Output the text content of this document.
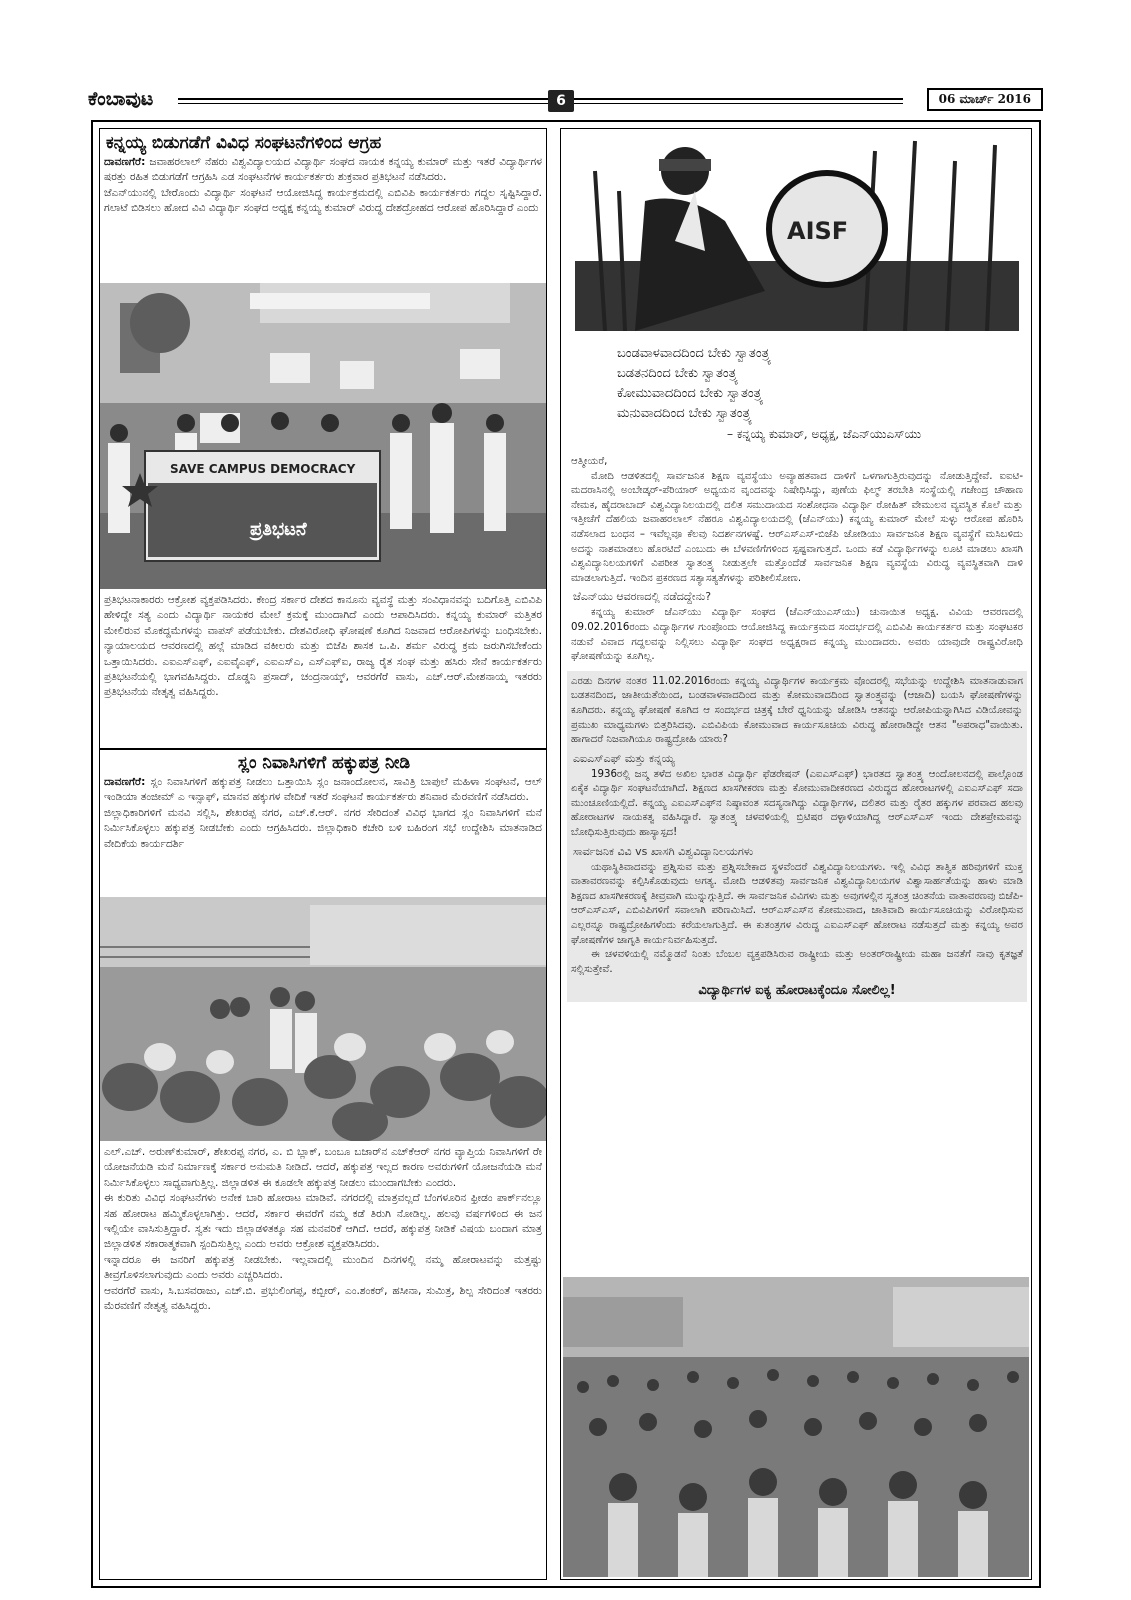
ಕೆಂಬಾವುಟ	6	06 ಮಾರ್ಚ್ 2016
ಕನ್ನಯ್ಯ ಬಿಡುಗಡೆಗೆ ವಿವಿಧ ಸಂಘಟನೆಗಳಿಂದ ಆಗ್ರಹ

ದಾವಣಗೆರೆ: ಜವಾಹರಲಾಲ್ ನೆಹರು ವಿಶ್ವವಿದ್ಯಾಲಯದ ವಿದ್ಯಾರ್ಥಿ ಸಂಘದ ನಾಯಕ ಕನ್ನಯ್ಯ ಕುಮಾರ್ ಮತ್ತು ಇತರೆ ವಿದ್ಯಾರ್ಥಿಗಳ ಷರತ್ತು ರಹಿತ ಬಿಡುಗಡೆಗೆ ಆಗ್ರಹಿಸಿ ಎಡ ಸಂಘಟನೆಗಳ ಕಾರ್ಯಕರ್ತರು ಶುಕ್ರವಾರ ಪ್ರತಿಭಟನೆ ನಡೆಸಿದರು.

ಜೆಎನ್‌ಯುನಲ್ಲಿ ಬೇರೊಂದು ವಿದ್ಯಾರ್ಥಿ ಸಂಘಟನೆ ಆಯೋಜಿಸಿದ್ದ ಕಾರ್ಯಕ್ರಮದಲ್ಲಿ ಎಬಿವಿಪಿ ಕಾರ್ಯಕರ್ತರು ಗದ್ದಲ ಸೃಷ್ಟಿಸಿದ್ದಾರೆ. ಗಲಾಟೆ ಬಿಡಿಸಲು ಹೋದ ವಿವಿ ವಿದ್ಯಾರ್ಥಿ ಸಂಘದ ಅಧ್ಯಕ್ಷ ಕನ್ನಯ್ಯ ಕುಮಾರ್ ವಿರುದ್ಧ ದೇಶದ್ರೋಹದ ಆರೋಪ ಹೊರಿಸಿದ್ದಾರೆ ಎಂದು

SAVE CAMPUS DEMOCRACY
ಪ್ರತಿಭಟನೆ

ಪ್ರತಿಭಟನಾಕಾರರು ಆಕ್ರೋಶ ವ್ಯಕ್ತಪಡಿಸಿದರು. ಕೇಂದ್ರ ಸರ್ಕಾರ ದೇಶದ ಕಾನೂನು ವ್ಯವಸ್ಥೆ ಮತ್ತು ಸಂವಿಧಾನವನ್ನು ಬದಿಗೊತ್ತಿ ಎಬಿವಿಪಿ ಹೇಳಿದ್ದೇ ಸತ್ಯ ಎಂದು ವಿದ್ಯಾರ್ಥಿ ನಾಯಕರ ಮೇಲೆ ಕ್ರಮಕ್ಕೆ ಮುಂದಾಗಿದೆ ಎಂದು ಆಪಾದಿಸಿದರು. ಕನ್ನಯ್ಯ ಕುಮಾರ್ ಮತ್ತಿತರ ಮೇಲಿರುವ ಮೊಕದ್ದಮೆಗಳನ್ನು ವಾಪಸ್ ಪಡೆಯಬೇಕು. ದೇಶವಿರೋಧಿ ಘೋಷಣೆ ಕೂಗಿದ ನಿಜವಾದ ಆರೋಪಿಗಳನ್ನು ಬಂಧಿಸಬೇಕು. ನ್ಯಾಯಾಲಯದ ಆವರಣದಲ್ಲಿ ಹಲ್ಲೆ ಮಾಡಿದ ವಕೀಲರು ಮತ್ತು ಬಿಜೆಪಿ ಶಾಸಕ ಒ.ಪಿ. ಶರ್ಮ ವಿರುದ್ಧ ಕ್ರಮ ಜರುಗಿಸಬೇಕೆಂದು ಒತ್ತಾಯಿಸಿದರು. ಎಐಎಸ್‌ಎಫ್, ಎಐವೈಎಫ್, ಎಐಎಸ್‌ಎ, ಎಸ್‌ಎಫ್‌ಐ, ರಾಜ್ಯ ರೈತ ಸಂಘ ಮತ್ತು ಹಸಿರು ಸೇನೆ ಕಾರ್ಯಕರ್ತರು ಪ್ರತಿಭಟನೆಯಲ್ಲಿ ಭಾಗವಹಿಸಿದ್ದರು. ದೊಡ್ಡನಿ ಪ್ರಸಾದ್, ಚಂದ್ರನಾಯ್ಕ್, ಆವರಗೆರೆ ವಾಸು, ಎಚ್.ಆರ್.ಮೇಶನಾಯ್ಕ ಇತರರು ಪ್ರತಿಭಟನೆಯ ನೇತೃತ್ವ ವಹಿಸಿದ್ದರು.

ಸ್ಲಂ ನಿವಾಸಿಗಳಿಗೆ ಹಕ್ಕುಪತ್ರ ನೀಡಿ

ದಾವಣಗೆರೆ: ಸ್ಲಂ ನಿವಾಸಿಗಳಿಗೆ ಹಕ್ಕುಪತ್ರ ನೀಡಲು ಒತ್ತಾಯಿಸಿ ಸ್ಲಂ ಜನಾಂದೋಲನ, ಸಾವಿತ್ರಿ ಬಾಪುಲೆ ಮಹಿಳಾ ಸಂಘಟನೆ, ಆಲ್ ಇಂಡಿಯಾ ತಂಜೀಮ್ ಎ ಇನ್ಸಾಫ್, ಮಾನವ ಹಕ್ಕುಗಳ ವೇದಿಕೆ ಇತರೆ ಸಂಘಟನೆ ಕಾರ್ಯಕರ್ತರು ಶನಿವಾರ ಮೆರವಣಿಗೆ ನಡೆಸಿದರು.

ಜಿಲ್ಲಾಧಿಕಾರಿಗಳಿಗೆ ಮನವಿ ಸಲ್ಲಿಸಿ, ಶೇಖರಪ್ಪ ನಗರ, ಎಚ್.ಕೆ.ಆರ್. ನಗರ ಸೇರಿದಂತೆ ವಿವಿಧ ಭಾಗದ ಸ್ಲಂ ನಿವಾಸಿಗಳಿಗೆ ಮನೆ ನಿರ್ಮಿಸಿಕೊಳ್ಳಲು ಹಕ್ಕುಪತ್ರ ನೀಡಬೇಕು ಎಂದು ಆಗ್ರಹಿಸಿದರು. ಜಿಲ್ಲಾಧಿಕಾರಿ ಕಚೇರಿ ಬಳಿ ಬಹಿರಂಗ ಸಭೆ ಉದ್ದೇಶಿಸಿ ಮಾತನಾಡಿದ ವೇದಿಕೆಯ ಕಾರ್ಯದರ್ಶಿ

ಎಲ್.ಎಚ್. ಅರುಣ್‌ಕುಮಾರ್, ಶೇಖರಪ್ಪ ನಗರ, ಎ. ಬಿ ಬ್ಲಾಕ್, ಬಂಬೂ ಬಜಾರ್‌ನ ಎಚ್‌ಕೆಆರ್ ನಗರ ವ್ಯಾಪ್ತಿಯ ನಿವಾಸಿಗಳಿಗೆ ರೇ ಯೋಜನೆಯಡಿ ಮನೆ ನಿರ್ಮಾಣಕ್ಕೆ ಸರ್ಕಾರ ಅನುಮತಿ ನೀಡಿದೆ. ಆದರೆ, ಹಕ್ಕುಪತ್ರ ಇಲ್ಲದ ಕಾರಣ ಅವರುಗಳಿಗೆ ಯೋಜನೆಯಡಿ ಮನೆ ನಿರ್ಮಿಸಿಕೊಳ್ಳಲು ಸಾಧ್ಯವಾಗುತ್ತಿಲ್ಲ. ಜಿಲ್ಲಾಡಳಿತ ಈ ಕೂಡಲೇ ಹಕ್ಕುಪತ್ರ ನೀಡಲು ಮುಂದಾಗಬೇಕು ಎಂದರು.

ಈ ಕುರಿತು ವಿವಿಧ ಸಂಘಟನೆಗಳು ಅನೇಕ ಬಾರಿ ಹೋರಾಟ ಮಾಡಿವೆ. ನಗರದಲ್ಲಿ ಮಾತ್ರವಲ್ಲದೆ ಬೆಂಗಳೂರಿನ ಫ್ರೀಡಂ ಪಾರ್ಕ್‌ನಲ್ಲೂ ಸಹ ಹೋರಾಟ ಹಮ್ಮಿಕೊಳ್ಳಲಾಗಿತ್ತು. ಆದರೆ, ಸರ್ಕಾರ ಈವರೆಗೆ ನಮ್ಮ ಕಡೆ ತಿರುಗಿ ನೋಡಿಲ್ಲ. ಹಲವು ವರ್ಷಗಳಿಂದ ಈ ಜನ ಇಲ್ಲಿಯೇ ವಾಸಿಸುತ್ತಿದ್ದಾರೆ. ಸ್ವತಃ ಇದು ಜಿಲ್ಲಾಡಳಿತಕ್ಕೂ ಸಹ ಮನವರಿಕೆ ಆಗಿದೆ. ಆದರೆ, ಹಕ್ಕುಪತ್ರ ನೀಡಿಕೆ ವಿಷಯ ಬಂದಾಗ ಮಾತ್ರ ಜಿಲ್ಲಾಡಳಿತ ಸಕಾರಾತ್ಮಕವಾಗಿ ಸ್ಪಂದಿಸುತ್ತಿಲ್ಲ ಎಂದು ಅವರು ಆಕ್ರೋಶ ವ್ಯಕ್ತಪಡಿಸಿದರು.

ಇನ್ನಾದರೂ ಈ ಜನರಿಗೆ ಹಕ್ಕುಪತ್ರ ನೀಡಬೇಕು. ಇಲ್ಲವಾದಲ್ಲಿ ಮುಂದಿನ ದಿನಗಳಲ್ಲಿ ನಮ್ಮ ಹೋರಾಟವನ್ನು ಮತ್ತಷ್ಟು ತೀವ್ರಗೊಳಿಸಲಾಗುವುದು ಎಂದು ಅವರು ಎಚ್ಚರಿಸಿದರು.

ಆವರಗೆರೆ ವಾಸು, ಸಿ.ಬಸವರಾಜು, ಎಚ್.ಬಿ. ಪ್ರಭುಲಿಂಗಪ್ಪ, ಕಬ್ಬೀರ್, ಎಂ.ಶಂಕರ್, ಹಸೀನಾ, ಸುಮಿತ್ರ, ಶಿಲ್ಪ ಸೇರಿದಂತೆ ಇತರರು ಮೆರವಣಿಗೆ ನೇತೃತ್ವ ವಹಿಸಿದ್ದರು.

AISF
ಬಂಡವಾಳವಾದದಿಂದ ಬೇಕು ಸ್ವಾತಂತ್ರ್ಯ
ಬಡತನದಿಂದ ಬೇಕು ಸ್ವಾತಂತ್ರ್ಯ
ಕೋಮುವಾದದಿಂದ ಬೇಕು ಸ್ವಾತಂತ್ರ್ಯ
ಮನುವಾದದಿಂದ ಬೇಕು ಸ್ವಾತಂತ್ರ್ಯ
– ಕನ್ನಯ್ಯ ಕುಮಾರ್, ಅಧ್ಯಕ್ಷ, ಜೆಎನ್‌ಯುಎಸ್‌ಯು

ಆತ್ಮೀಯರೆ,

ಮೋದಿ ಆಡಳಿತದಲ್ಲಿ ಸಾರ್ವಜನಿಕ ಶಿಕ್ಷಣ ವ್ಯವಸ್ಥೆಯು ಅವ್ಯಾಹತವಾದ ದಾಳಿಗೆ ಒಳಗಾಗುತ್ತಿರುವುದನ್ನು ನೋಡುತ್ತಿದ್ದೇವೆ. ಐಐಟಿ-ಮದರಾಸಿನಲ್ಲಿ ಅಂಬೇಡ್ಕರ್-ಪೆರಿಯಾರ್ ಅಧ್ಯಯನ ವೃಂದವನ್ನು ನಿಷೇಧಿಸಿದ್ದು, ಪುಣೆಯ ಫಿಲ್ಮ್ ತರಬೇತಿ ಸಂಸ್ಥೆಯಲ್ಲಿ ಗಜೇಂದ್ರ ಚೌಹಾಣ ನೇಮಕ, ಹೈದರಾಬಾದ್ ವಿಶ್ವವಿದ್ಯಾನಿಲಯದಲ್ಲಿ ದಲಿತ ಸಮುದಾಯದ ಸಂಶೋಧನಾ ವಿದ್ಯಾರ್ಥಿ ರೋಹಿತ್ ವೇಮುಲನ ವ್ಯವಸ್ಥಿತ ಕೊಲೆ ಮತ್ತು ಇತ್ತೀಚೆಗೆ ದೆಹಲಿಯ ಜವಾಹರಲಾಲ್ ನೆಹರೂ ವಿಶ್ವವಿದ್ಯಾಲಯದಲ್ಲಿ (ಜೆಎನ್‌ಯು) ಕನ್ನಯ್ಯ ಕುಮಾರ್ ಮೇಲೆ ಸುಳ್ಳು ಆರೋಪ ಹೊರಿಸಿ ನಡೆಸಲಾದ ಬಂಧನ – ಇವೆಲ್ಲವೂ ಕೆಲವು ನಿದರ್ಶನಗಳಷ್ಟೆ. ಆರ್‌ಎಸ್‌ಎಸ್-ಬಿಜೆಪಿ ಜೋಡಿಯು ಸಾರ್ವಜನಿಕ ಶಿಕ್ಷಣ ವ್ಯವಸ್ಥೆಗೆ ಮಸಿಬಳಿದು ಅದನ್ನು ನಾಶಮಾಡಲು ಹೊರಟಿದೆ ಎಂಬುದು ಈ ಬೆಳವಣಿಗೆಗಳಿಂದ ಸ್ಪಷ್ಟವಾಗುತ್ತದೆ. ಒಂದು ಕಡೆ ವಿದ್ಯಾರ್ಥಿಗಳನ್ನು ಲೂಟಿ ಮಾಡಲು ಖಾಸಗಿ ವಿಶ್ವವಿದ್ಯಾನಿಲಯಗಳಿಗೆ ವಿಪರೀತ ಸ್ವಾತಂತ್ರ್ಯ ನೀಡುತ್ತಲೇ ಮತ್ತೊಂದೆಡೆ ಸಾರ್ವಜನಿಕ ಶಿಕ್ಷಣ ವ್ಯವಸ್ಥೆಯ ವಿರುದ್ಧ ವ್ಯವಸ್ಥಿತವಾಗಿ ದಾಳಿ ಮಾಡಲಾಗುತ್ತಿದೆ. ಇಂದಿನ ಪ್ರಕರಣದ ಸತ್ಯಾಸತ್ಯತೆಗಳನ್ನು ಪರಿಶೀಲಿಸೋಣ.

ಜೆಎನ್‌ಯು ಆವರಣದಲ್ಲಿ ನಡೆದದ್ದೇನು?

ಕನ್ನಯ್ಯ ಕುಮಾರ್ ಜೆಎನ್‌ಯು ವಿದ್ಯಾರ್ಥಿ ಸಂಘದ (ಜೆಎನ್‌ಯುಎಸ್‌ಯು) ಚುನಾಯಿತ ಅಧ್ಯಕ್ಷ. ವಿವಿಯ ಆವರಣದಲ್ಲಿ 09.02.2016ರಂದು ವಿದ್ಯಾರ್ಥಿಗಳ ಗುಂಪೊಂದು ಆಯೋಜಿಸಿದ್ದ ಕಾರ್ಯಕ್ರಮದ ಸಂದರ್ಭದಲ್ಲಿ ಎಬಿವಿಪಿ ಕಾರ್ಯಕರ್ತರ ಮತ್ತು ಸಂಘಟಕರ ನಡುವೆ ವಿವಾದ ಗದ್ದಲವನ್ನು ನಿಲ್ಲಿಸಲು ವಿದ್ಯಾರ್ಥಿ ಸಂಘದ ಅಧ್ಯಕ್ಷರಾದ ಕನ್ನಯ್ಯ ಮುಂದಾದರು. ಅವರು ಯಾವುದೇ ರಾಷ್ಟ್ರವಿರೋಧಿ ಘೋಷಣೆಯನ್ನು ಕೂಗಿಲ್ಲ.

ಎರಡು ದಿನಗಳ ನಂತರ 11.02.2016ರಂದು ಕನ್ನಯ್ಯ ವಿದ್ಯಾರ್ಥಿಗಳ ಕಾರ್ಯಕ್ರಮ ವೊಂದರಲ್ಲಿ ಸಭೆಯನ್ನು ಉದ್ದೇಶಿಸಿ ಮಾತನಾಡುವಾಗ ಬಡತನದಿಂದ, ಜಾತೀಯತೆಯಿಂದ, ಬಂಡವಾಳವಾದದಿಂದ ಮತ್ತು ಕೋಮುವಾದದಿಂದ ಸ್ವಾತಂತ್ರ್ಯವನ್ನು (ಆಜಾದಿ) ಬಯಸಿ ಘೋಷಣೆಗಳನ್ನು ಕೂಗಿದರು. ಕನ್ನಯ್ಯ ಘೋಷಣೆ ಕೂಗಿದ ಆ ಸಂದರ್ಭದ ಚಿತ್ರಕ್ಕೆ ಬೇರೆ ಧ್ವನಿಯನ್ನು ಜೋಡಿಸಿ ಆತನನ್ನು ಆರೋಪಿಯನ್ನಾಗಿಸಿದ ವಿಡಿಯೋವನ್ನು ಪ್ರಮುಖ ಮಾಧ್ಯಮಗಳು ಬಿತ್ತರಿಸಿದವು. ಎಬಿವಿಪಿಯ ಕೋಮುವಾದ ಕಾರ್ಯಸೂಚಿಯ ವಿರುದ್ಧ ಹೋರಾಡಿದ್ದೇ ಆತನ "ಅಪರಾಧ"ವಾಯಿತು. ಹಾಗಾದರೆ ನಿಜವಾಗಿಯೂ ರಾಷ್ಟ್ರದ್ರೋಹಿ ಯಾರು?

ಎಐಎಸ್‌ಎಫ್ ಮತ್ತು ಕನ್ನಯ್ಯ

1936ರಲ್ಲಿ ಜನ್ಮ ತಳೆದ ಅಖಿಲ ಭಾರತ ವಿದ್ಯಾರ್ಥಿ ಫೆಡರೇಷನ್ (ಎಐಎಸ್‌ಎಫ್) ಭಾರತದ ಸ್ವಾತಂತ್ರ್ಯ ಆಂದೋಲನದಲ್ಲಿ ಪಾಲ್ಗೊಂಡ ಏಕೈಕ ವಿದ್ಯಾರ್ಥಿ ಸಂಘಟನೆಯಾಗಿದೆ. ಶಿಕ್ಷಣದ ಖಾಸಗೀಕರಣ ಮತ್ತು ಕೋಮುವಾದೀಕರಣದ ವಿರುದ್ಧದ ಹೋರಾಟಗಳಲ್ಲಿ ಎಐಎಸ್‌ಎಫ್ ಸದಾ ಮುಂಚೂಣಿಯಲ್ಲಿದೆ. ಕನ್ನಯ್ಯ ಎಐಎಸ್‌ಎಫ್‌ನ ನಿಷ್ಠಾವಂತ ಸದಸ್ಯನಾಗಿದ್ದು ವಿದ್ಯಾರ್ಥಿಗಳ, ದಲಿತರ ಮತ್ತು ರೈತರ ಹಕ್ಕುಗಳ ಪರವಾದ ಹಲವು ಹೋರಾಟಗಳ ನಾಯಕತ್ವ ವಹಿಸಿದ್ದಾರೆ. ಸ್ವಾತಂತ್ರ್ಯ ಚಳವಳಿಯಲ್ಲಿ ಬ್ರಿಟಿಷರ ದಳ್ಳಾಳಿಯಾಗಿದ್ದ ಆರ್‌ಎಸ್‌ಎಸ್ ಇಂದು ದೇಶಪ್ರೇಮವನ್ನು ಬೋಧಿಸುತ್ತಿರುವುದು ಹಾಸ್ಯಾಸ್ಪದ!

ಸಾರ್ವಜನಿಕ ವಿವಿ vs ಖಾಸಗಿ ವಿಶ್ವವಿದ್ಯಾನಿಲಯಗಳು

ಯಥಾಸ್ಥಿತಿವಾದವನ್ನು ಪ್ರಶ್ನಿಸುವ ಮತ್ತು ಪ್ರಶ್ನಿಸಬೇಕಾದ ಸ್ಥಳವೆಂದರೆ ವಿಶ್ವವಿದ್ಯಾನಿಲಯಗಳು. ಇಲ್ಲಿ ವಿವಿಧ ತಾತ್ವಿಕ ಹರಿವುಗಳಿಗೆ ಮುಕ್ತ ವಾತಾವರಣವನ್ನು ಕಲ್ಪಿಸಿಕೊಡುವುದು ಅಗತ್ಯ. ಮೋದಿ ಆಡಳಿತವು ಸಾರ್ವಜನಿಕ ವಿಶ್ವವಿದ್ಯಾನಿಲಯಗಳ ವಿಶ್ವಾಸಾರ್ಹತೆಯನ್ನು ಹಾಳು ಮಾಡಿ ಶಿಕ್ಷಣದ ಖಾಸಗೀಕರಣಕ್ಕೆ ತೀವ್ರವಾಗಿ ಮುನ್ನುಗ್ಗುತ್ತಿದೆ. ಈ ಸಾರ್ವಜನಿಕ ವಿವಿಗಳು ಮತ್ತು ಅವುಗಳಲ್ಲಿನ ಸ್ವತಂತ್ರ ಚಿಂತನೆಯ ವಾತಾವರಣವು ಬಿಜೆಪಿ-ಆರ್‌ಎಸ್‌ಎಸ್, ಎಬಿವಿಪಿಗಳಿಗೆ ಸವಾಲಾಗಿ ಪರಿಣಮಿಸಿದೆ. ಆರ್‌ಎಸ್‌ಎಸ್‌ನ ಕೋಮುವಾದ, ಜಾತಿವಾದಿ ಕಾರ್ಯಸೂಚಿಯನ್ನು ವಿರೋಧಿಸುವ ಎಲ್ಲರನ್ನೂ ರಾಷ್ಟ್ರದ್ರೋಹಿಗಳೆಂದು ಕರೆಯಲಾಗುತ್ತಿದೆ. ಈ ಕುತಂತ್ರಗಳ ವಿರುದ್ಧ ಎಐಎಸ್‌ಎಫ್ ಹೋರಾಟ ನಡೆಸುತ್ತದೆ ಮತ್ತು ಕನ್ನಯ್ಯ ಅವರ ಘೋಷಣೆಗಳ ಜಾಗೃತಿ ಕಾರ್ಯನಿರ್ವಹಿಸುತ್ತದೆ.

ಈ ಚಳವಳಿಯಲ್ಲಿ ನಮ್ಮೊಡನೆ ನಿಂತು ಬೆಂಬಲ ವ್ಯಕ್ತಪಡಿಸಿರುವ ರಾಷ್ಟ್ರೀಯ ಮತ್ತು ಅಂತರ್‌ರಾಷ್ಟ್ರೀಯ ಮಹಾ ಜನತೆಗೆ ನಾವು ಕೃತಜ್ಞತೆ ಸಲ್ಲಿಸುತ್ತೇವೆ.

ವಿದ್ಯಾರ್ಥಿಗಳ ಐಕ್ಯ ಹೋರಾಟಕ್ಕೆಂದೂ ಸೋಲಿಲ್ಲ!
